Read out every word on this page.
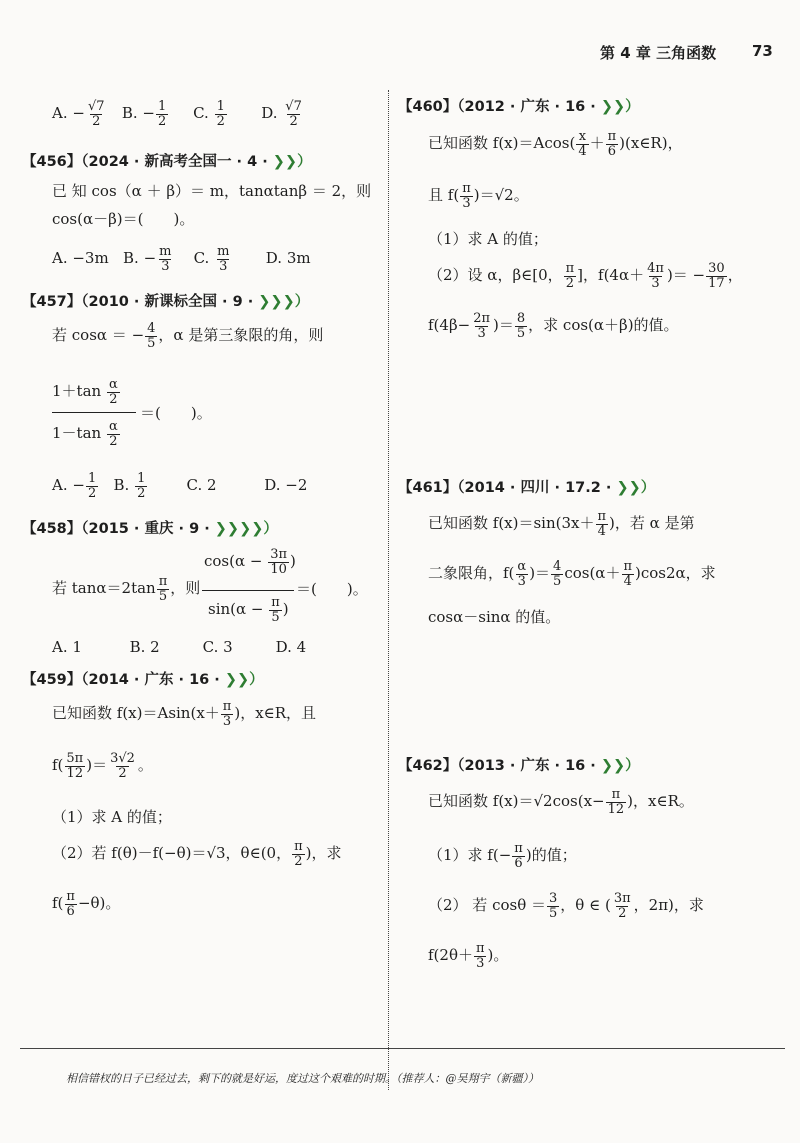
第 4 章 三角函数 73
A. − $\frac{√7}{2} B$. − $\frac{1}{2} C$. $\frac{1}{2} D$. $\frac{√7}{2}$
【456】（2024 · 新高考全国一 · 4 · ❯❯）
已 知 cos（α ＋ β）＝ m，tanαtanβ ＝ 2，则
cos(α－β)＝(　　)。
A. −3m B. − $\frac{m}{3} C$. $\frac{m}{3} D$. 3m
【457】（2010 · 新课标全国 · 9 · ❯❯❯）
若 cosα ＝ − $\frac{4}{5}$ ，α 是第三象限的角，则
$1+\tan \frac{\alpha}{2}$
＝(　　)。
$1-\tan \frac{\alpha}{2}$
A. − $\frac{1}{2} B$. $\frac{1}{2}$	C. 2	D. −2
【458】（2015 · 重庆 · 9 · ❯❯❯❯）
若 $\tan\alpha=2\tan \frac{\pi}{5}$ ，则
$\cos(\alpha - \frac{3\pi}{10}$ )
$\sin(\alpha - \frac{\pi}{5}$ )
＝(　　)。
A. 1	B. 2	C. 3	D. 4
【459】（2014 · 广东 · 16 · ❯❯）
已知函数 $f(x)=Asin(x+ \frac{\pi}{3}$ )，x∈R，且
$f( \frac{5\pi}{12}$ )＝ $\frac{3√2}{2}$ 。
（1）求 A 的值；
（2）若 f(θ)－f(−θ)＝√3，θ∈(0， $\frac{\pi}{2}$ )，求
$f( \frac{\pi}{6} -\theta)$。
【460】（2012 · 广东 · 16 · ❯❯）
已知函数 $f(x)=Acos( \frac{x}{4} + \frac{\pi}{6}$ )(x∈R)，
且 $f( \frac{\pi}{3} )=√2$。
（1）求 A 的值；
（2）设 α，β∈[0， $\frac{\pi}{2}$ ]，$f(4\alpha+ \frac{4\pi}{3}$ )＝ − $\frac{30}{17}$ ，
$f(4\beta- \frac{2\pi}{3}$ )＝ $\frac{8}{5}$ ，求 cos(α＋β)的值。
【461】（2014 · 四川 · 17.2 · ❯❯）
已知函数 $f(x)=\sin(3x+ \frac{\pi}{4}$ )，若 α 是第
二象限角，$f( \frac{\alpha}{3}$ )＝ $\frac{4}{5} \cos(\alpha+ \frac{\pi}{4} )\cos 2\alpha$，求
cosα－sinα 的值。
【462】（2013 · 广东 · 16 · ❯❯）
已知函数 $f(x)=√2\cos(x- \frac{\pi}{12}$ )，x∈R。
（1）求 $f(- \frac{\pi}{6}$ )的值；
（2） 若 $\cos\theta = \frac{3}{5}$ ，θ ∈ ( $\frac{3\pi}{2}$ ，2π)，求
$f(2\theta+ \frac{\pi}{3}$ )。
相信错杈的日子已经过去，剩下的就是好运，度过这个艰难的时期。（推荐人：@吴翔宇（新疆））
